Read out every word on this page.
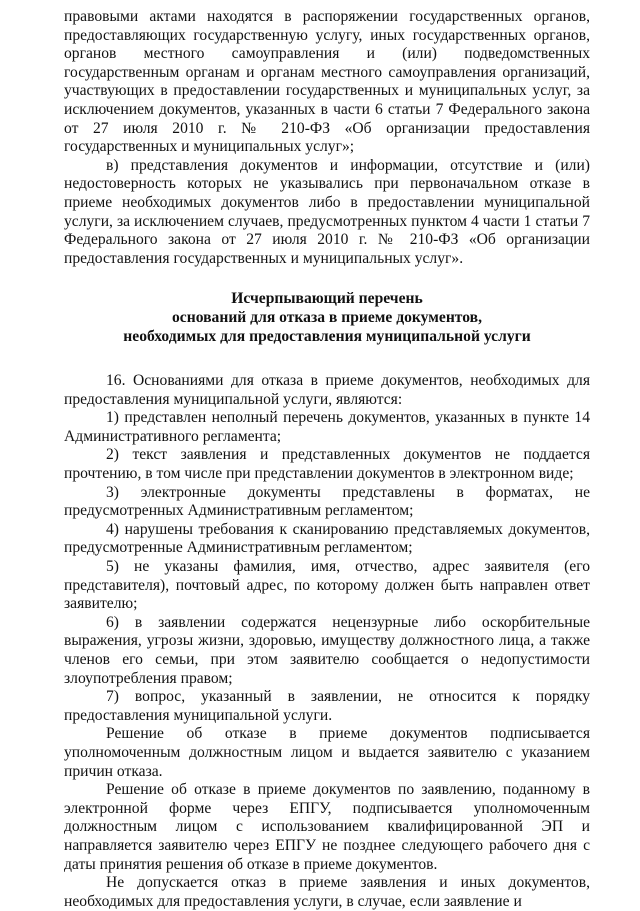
правовыми актами находятся в распоряжении государственных органов, предоставляющих государственную услугу, иных государственных органов, органов местного самоуправления и (или) подведомственных государственным органам и органам местного самоуправления организаций, участвующих в предоставлении государственных и муниципальных услуг, за исключением документов, указанных в части 6 статьи 7 Федерального закона от 27 июля 2010 г. № 210-ФЗ «Об организации предоставления государственных и муниципальных услуг»;

в) представления документов и информации, отсутствие и (или) недостоверность которых не указывались при первоначальном отказе в приеме необходимых документов либо в предоставлении муниципальной услуги, за исключением случаев, предусмотренных пунктом 4 части 1 статьи 7 Федерального закона от 27 июля 2010 г. № 210-ФЗ «Об организации предоставления государственных и муниципальных услуг».

Исчерпывающий перечень
оснований для отказа в приеме документов,
необходимых для предоставления муниципальной услуги

16. Основаниями для отказа в приеме документов, необходимых для предоставления муниципальной услуги, являются:

1) представлен неполный перечень документов, указанных в пункте 14 Административного регламента;

2) текст заявления и представленных документов не поддается прочтению, в том числе при представлении документов в электронном виде;

3) электронные документы представлены в форматах, не предусмотренных Административным регламентом;

4) нарушены требования к сканированию представляемых документов, предусмотренные Административным регламентом;

5) не указаны фамилия, имя, отчество, адрес заявителя (его представителя), почтовый адрес, по которому должен быть направлен ответ заявителю;

6) в заявлении содержатся нецензурные либо оскорбительные выражения, угрозы жизни, здоровью, имуществу должностного лица, а также членов его семьи, при этом заявителю сообщается о недопустимости злоупотребления правом;

7) вопрос, указанный в заявлении, не относится к порядку предоставления муниципальной услуги.

Решение об отказе в приеме документов подписывается уполномоченным должностным лицом и выдается заявителю с указанием причин отказа.

Решение об отказе в приеме документов по заявлению, поданному в электронной форме через ЕПГУ, подписывается уполномоченным должностным лицом с использованием квалифицированной ЭП и направляется заявителю через ЕПГУ не позднее следующего рабочего дня с даты принятия решения об отказе в приеме документов.

Не допускается отказ в приеме заявления и иных документов, необходимых для предоставления услуги, в случае, если заявление и
